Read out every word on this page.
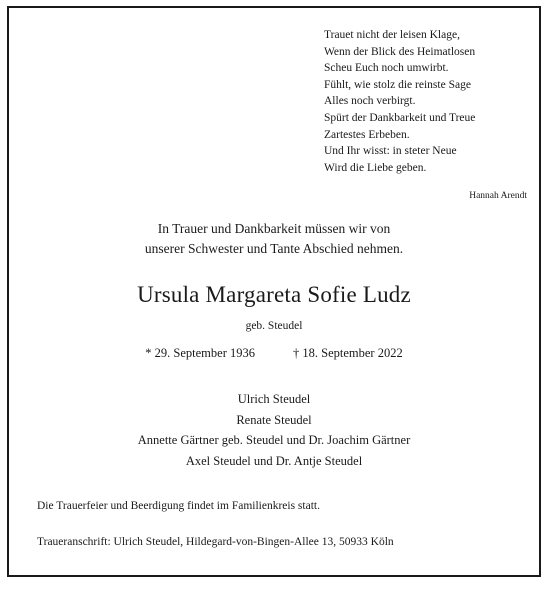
Trauet nicht der leisen Klage,
Wenn der Blick des Heimatlosen
Scheu Euch noch umwirbt.
Fühlt, wie stolz die reinste Sage
Alles noch verbirgt.
Spürt der Dankbarkeit und Treue
Zartestes Erbeben.
Und Ihr wisst: in steter Neue
Wird die Liebe geben.
Hannah Arendt
In Trauer und Dankbarkeit müssen wir von
unserer Schwester und Tante Abschied nehmen.
Ursula Margareta Sofie Ludz
geb. Steudel
* 29. September 1936	† 18. September 2022
Ulrich Steudel
Renate Steudel
Annette Gärtner geb. Steudel und Dr. Joachim Gärtner
Axel Steudel und Dr. Antje Steudel
Die Trauerfeier und Beerdigung findet im Familienkreis statt.
Traueranschrift: Ulrich Steudel, Hildegard-von-Bingen-Allee 13, 50933 Köln
